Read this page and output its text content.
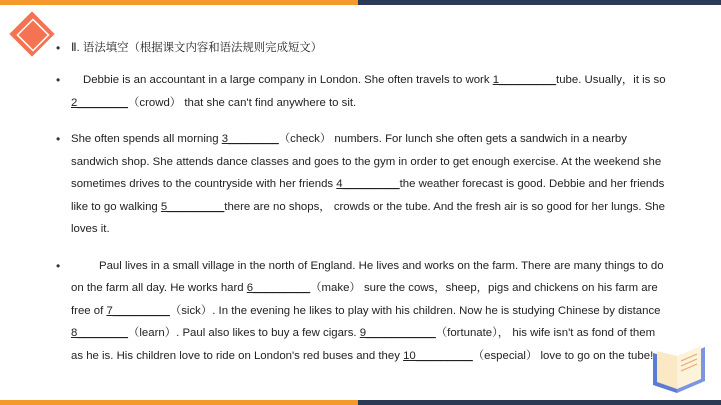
• Ⅱ. 语法填空（根据课文内容和语法规则完成短文）
•	Debbie is an accountant in a large company in London. She often travels to work 1_________tube. Usually，it is so 2________（crowd） that she can't find anywhere to sit.
• She often spends all morning 3________（check） numbers. For lunch she often gets a sandwich in a nearby sandwich shop. She attends dance classes and goes to the gym in order to get enough exercise. At the weekend she sometimes drives to the countryside with her friends 4_________the weather forecast is good. Debbie and her friends like to go walking 5_________there are no shops， crowds or the tube. And the fresh air is so good for her lungs. She loves it.
•	Paul lives in a small village in the north of England. He lives and works on the farm. There are many things to do on the farm all day. He works hard 6_________（make） sure the cows，sheep，pigs and chickens on his farm are free of 7_________（sick）. In the evening he likes to play with his children. Now he is studying Chinese by distance 8________（learn）. Paul also likes to buy a few cigars. 9___________（fortunate）， his wife isn't as fond of them as he is. His children love to ride on London's red buses and they 10_________（especial） love to go on the tube!
